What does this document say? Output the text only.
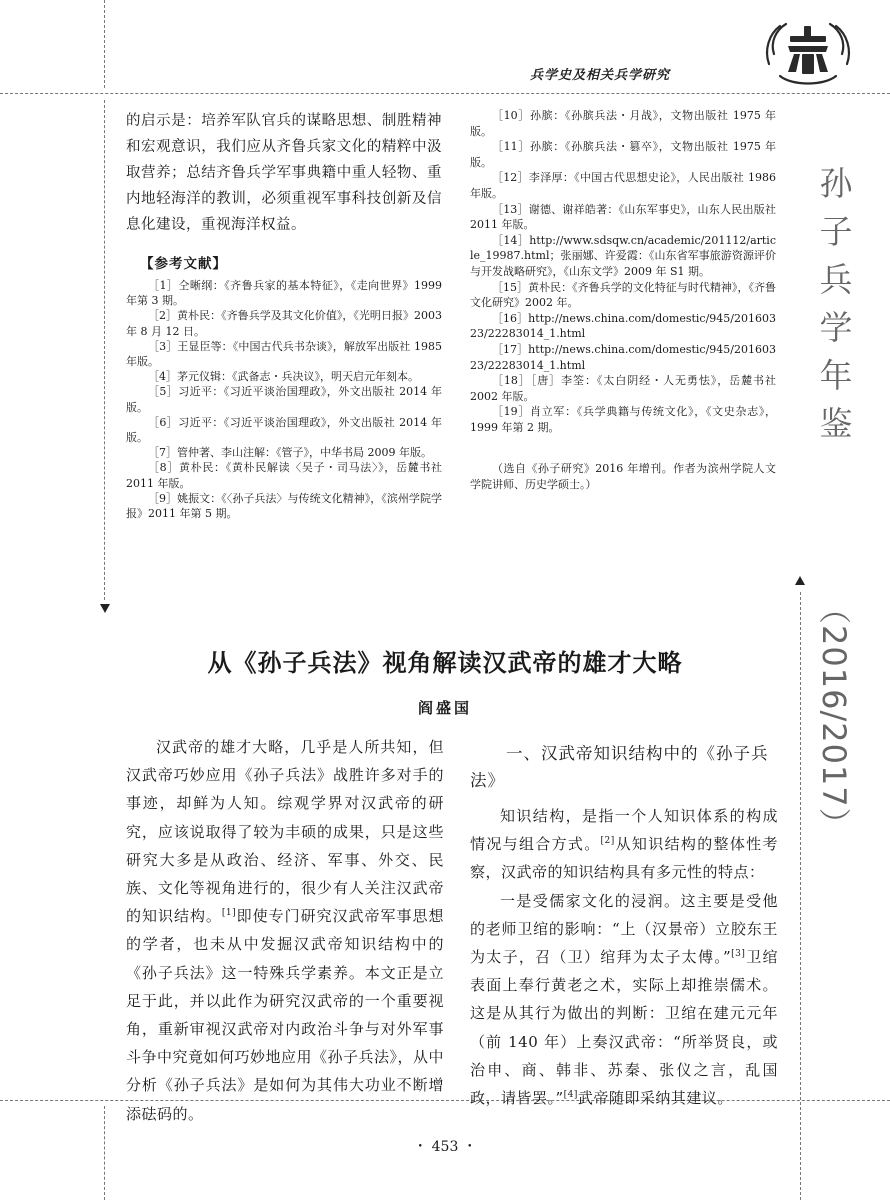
兵学史及相关兵学研究
孙
子
兵
学
年
鉴
（2016/2017）

的启示是：培养军队官兵的谋略思想、制胜精神和宏观意识，我们应从齐鲁兵家文化的精粹中汲取营养；总结齐鲁兵学军事典籍中重人轻物、重内地轻海洋的教训，必须重视军事科技创新及信息化建设，重视海洋权益。

【参考文献】

［1］仝晰纲：《齐鲁兵家的基本特征》，《走向世界》1999 年第 3 期。

［2］黄朴民：《齐鲁兵学及其文化价值》，《光明日报》2003 年 8 月 12 日。

［3］王显臣等：《中国古代兵书杂谈》，解放军出版社 1985 年版。

［4］茅元仪辑：《武备志・兵决议》，明天启元年刻本。

［5］习近平：《习近平谈治国理政》，外文出版社 2014 年版。

［6］习近平：《习近平谈治国理政》，外文出版社 2014 年版。

［7］管仲著、李山注解：《管子》，中华书局 2009 年版。

［8］黄朴民：《黄朴民解读〈吴子・司马法〉》，岳麓书社 2011 年版。

［9］姚振文：《〈孙子兵法〉与传统文化精神》，《滨州学院学报》2011 年第 5 期。

［10］孙膑：《孙膑兵法・月战》，文物出版社 1975 年版。

［11］孙膑：《孙膑兵法・篡卒》，文物出版社 1975 年版。

［12］李泽厚：《中国古代思想史论》，人民出版社 1986 年版。

［13］谢德、谢祥皓著：《山东军事史》，山东人民出版社 2011 年版。

［14］http://www.sdsqw.cn/academic/201112/article_19987.html；张丽娜、许爱霞：《山东省军事旅游资源评价与开发战略研究》，《山东文学》2009 年 S1 期。

［15］黄朴民：《齐鲁兵学的文化特征与时代精神》，《齐鲁文化研究》2002 年。

［16］http://news.china.com/domestic/945/20160323/22283014_1.html

［17］http://news.china.com/domestic/945/20160323/22283014_1.html

［18］［唐］李筌：《太白阴经・人无勇怯》，岳麓书社 2002 年版。

［19］肖立军：《兵学典籍与传统文化》，《文史杂志》，1999 年第 2 期。

（选自《孙子研究》2016 年增刊。作者为滨州学院人文学院讲师、历史学硕士。）

从《孙子兵法》视角解读汉武帝的雄才大略
阎盛国

汉武帝的雄才大略，几乎是人所共知，但汉武帝巧妙应用《孙子兵法》战胜许多对手的事迹，却鲜为人知。综观学界对汉武帝的研究，应该说取得了较为丰硕的成果，只是这些研究大多是从政治、经济、军事、外交、民族、文化等视角进行的，很少有人关注汉武帝的知识结构。[1]即使专门研究汉武帝军事思想的学者，也未从中发掘汉武帝知识结构中的《孙子兵法》这一特殊兵学素养。本文正是立足于此，并以此作为研究汉武帝的一个重要视角，重新审视汉武帝对内政治斗争与对外军事斗争中究竟如何巧妙地应用《孙子兵法》，从中分析《孙子兵法》是如何为其伟大功业不断增添砝码的。

一、汉武帝知识结构中的《孙子兵法》

知识结构，是指一个人知识体系的构成情况与组合方式。[2]从知识结构的整体性考察，汉武帝的知识结构具有多元性的特点：

一是受儒家文化的浸润。这主要是受他的老师卫绾的影响：“上（汉景帝）立胶东王为太子，召（卫）绾拜为太子太傅。”[3]卫绾表面上奉行黄老之术，实际上却推崇儒术。这是从其行为做出的判断：卫绾在建元元年（前 140 年）上奏汉武帝：“所举贤良，或治申、商、韩非、苏秦、张仪之言，乱国政，请皆罢。”[4]武帝随即采纳其建议。

・ 453 ・
